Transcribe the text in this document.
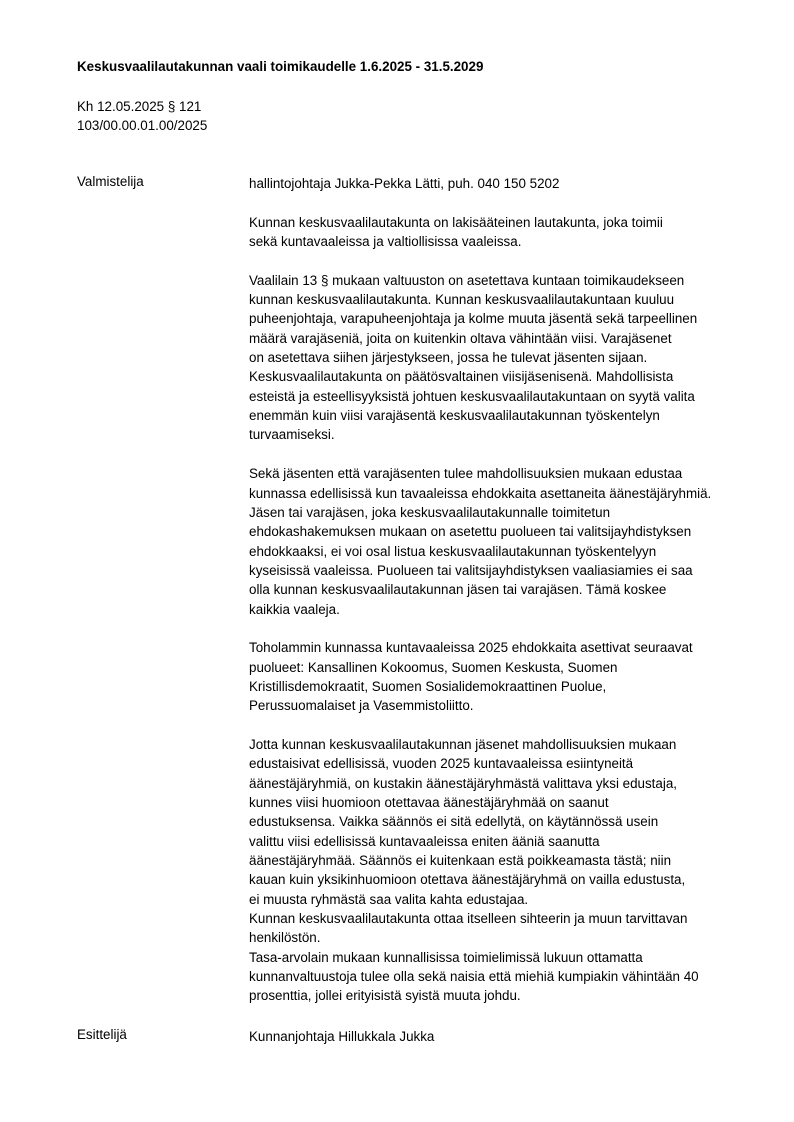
Keskusvaalilautakunnan vaali toimikaudelle 1.6.2025 - 31.5.2029
Kh 12.05.2025 § 121
103/00.00.01.00/2025
Valmistelija	hallintojohtaja Jukka-Pekka Lätti, puh. 040 150 5202
Kunnan keskusvaalilautakunta on lakisääteinen lautakunta, joka toimii
sekä kuntavaaleissa ja valtiollisissa vaaleissa.
Vaalilain 13 § mukaan valtuuston on asetettava kuntaan toimikaudekseen
kunnan keskusvaalilautakunta. Kunnan keskusvaalilautakuntaan kuuluu
puheenjohtaja, varapuheenjohtaja ja kolme muuta jäsentä sekä tarpeellinen
määrä varajäseniä, joita on kuitenkin oltava vähintään viisi. Varajäsenet
on asetettava siihen järjestykseen, jossa he tulevat jäsenten sijaan.
Keskusvaalilautakunta on päätösvaltainen viisijäsenisenä. Mahdollisista
esteistä ja esteellisyyksistä johtuen keskusvaalilautakuntaan on syytä valita
enemmän kuin viisi varajäsentä keskusvaalilautakunnan työskentelyn
turvaamiseksi.
Sekä jäsenten että varajäsenten tulee mahdollisuuksien mukaan edustaa
kunnassa edellisissä kun tavaaleissa ehdokkaita asettaneita äänestäjäryhmiä.
Jäsen tai varajäsen, joka keskusvaalilautakunnalle toimitetun
ehdokashakemuksen mukaan on asetettu puolueen tai valitsijayhdistyksen
ehdokkaaksi, ei voi osal listua keskusvaalilautakunnan työskentelyyn
kyseisissä vaaleissa. Puolueen tai valitsijayhdistyksen vaaliasiamies ei saa
olla kunnan keskusvaalilautakunnan jäsen tai varajäsen. Tämä koskee
kaikkia vaaleja.
Toholammin kunnassa kuntavaaleissa 2025 ehdokkaita asettivat seuraavat
puolueet: Kansallinen Kokoomus, Suomen Keskusta, Suomen
Kristillisdemokraatit, Suomen Sosialidemokraattinen Puolue,
Perussuomalaiset ja Vasemmistoliitto.
Jotta kunnan keskusvaalilautakunnan jäsenet mahdollisuuksien mukaan
edustaisivat edellisissä, vuoden 2025 kuntavaaleissa esiintyneitä
äänestäjäryhmiä, on kustakin äänestäjäryhmästä valittava yksi edustaja,
kunnes viisi huomioon otettavaa äänestäjäryhmää on saanut
edustuksensa. Vaikka säännös ei sitä edellytä, on käytännössä usein
valittu viisi edellisissä kuntavaaleissa eniten ääniä saanutta
äänestäjäryhmää. Säännös ei kuitenkaan estä poikkeamasta tästä; niin
kauan kuin yksikinhuomioon otettava äänestäjäryhmä on vailla edustusta,
ei muusta ryhmästä saa valita kahta edustajaa.
Kunnan keskusvaalilautakunta ottaa itselleen sihteerin ja muun tarvittavan
henkilöstön.
Tasa-arvolain mukaan kunnallisissa toimielimissä lukuun ottamatta
kunnanvaltuustoja tulee olla sekä naisia että miehiä kumpiakin vähintään 40
prosenttia, jollei erityisistä syistä muuta johdu.
Esittelijä	Kunnanjohtaja Hillukkala Jukka
